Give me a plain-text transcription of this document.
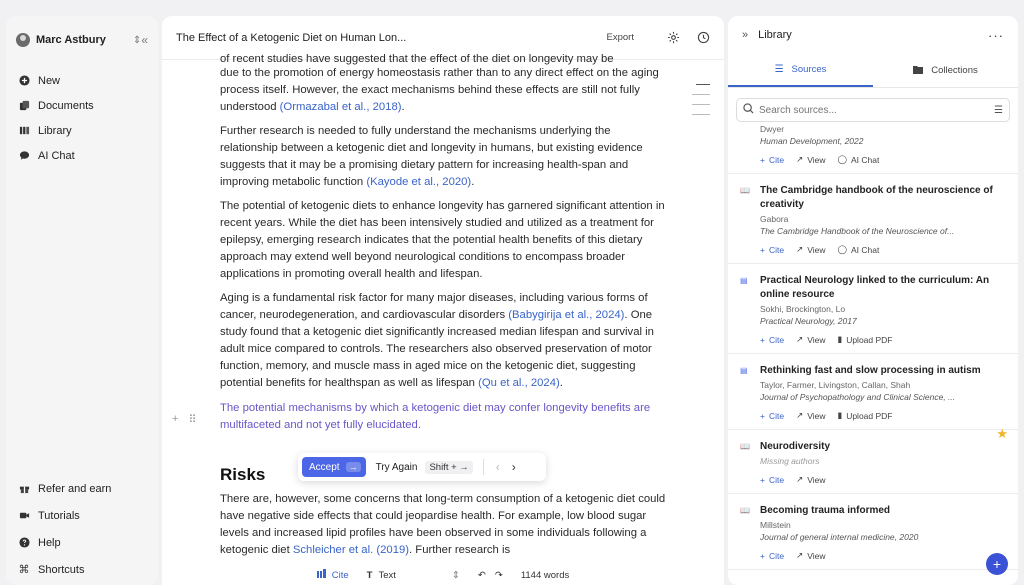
Marc Astbury	⇕ «
New
Documents
Library
AI Chat
Refer and earn
Tutorials
Help
⌘ Shortcuts
The Effect of a Ketogenic Diet on Human Lon...	Export

of recent studies have suggested that the effect of the diet on longevity may be

due to the promotion of energy homeostasis rather than to any direct effect on the aging process itself. However, the exact mechanisms behind these effects are still not fully understood (Ormazabal et al., 2018).

Further research is needed to fully understand the mechanisms underlying the relationship between a ketogenic diet and longevity in humans, but existing evidence suggests that it may be a promising dietary pattern for increasing health-span and improving metabolic function (Kayode et al., 2020).

The potential of ketogenic diets to enhance longevity has garnered significant attention in recent years. While the diet has been intensively studied and utilized as a treatment for epilepsy, emerging research indicates that the potential health benefits of this dietary approach may extend well beyond neurological conditions to encompass broader applications in promoting overall health and lifespan.

Aging is a fundamental risk factor for many major diseases, including various forms of cancer, neurodegeneration, and cardiovascular disorders (Babygirija et al., 2024). One study found that a ketogenic diet significantly increased median lifespan and survival in adult mice compared to controls. The researchers also observed preservation of motor function, memory, and muscle mass in aged mice on the ketogenic diet, suggesting potential benefits for healthspan as well as lifespan (Qu et al., 2024).

The potential mechanisms by which a ketogenic diet may confer longevity benefits are multifaceted and not yet fully elucidated.

Risks

There are, however, some concerns that long-term consumption of a ketogenic diet could have negative side effects that could jeopardise health. For example, low blood sugar levels and increased lipid profiles have been observed in some individuals following a ketogenic diet Schleicher et al. (2019). Further research is

+ ⠿
Accept	→	Try Again	Shift + →	‹ ›
Cite T Text	⇕ ↶ ↷ 1144 words
» Library	···
☰ Sources	Collections
Search sources...
☰
Dwyer
Human Development, 2022
+ Cite ↗ View ◯ AI Chat
📖 The Cambridge handbook of the neuroscience of creativity
Gabora
The Cambridge Handbook of the Neuroscience of...
+ Cite ↗ View ◯ AI Chat
▤ Practical Neurology linked to the curriculum: An online resource
Sokhi, Brockington, Lo
Practical Neurology, 2017
+ Cite ↗ View ▮ Upload PDF
▤ Rethinking fast and slow processing in autism
Taylor, Farmer, Livingston, Callan, Shah
Journal of Psychopathology and Clinical Science, ...
+ Cite ↗ View ▮ Upload PDF
★
📖 Neurodiversity
Missing authors
+ Cite ↗ View
📖 Becoming trauma informed
Millstein
Journal of general internal medicine, 2020
+ Cite ↗ View
+
